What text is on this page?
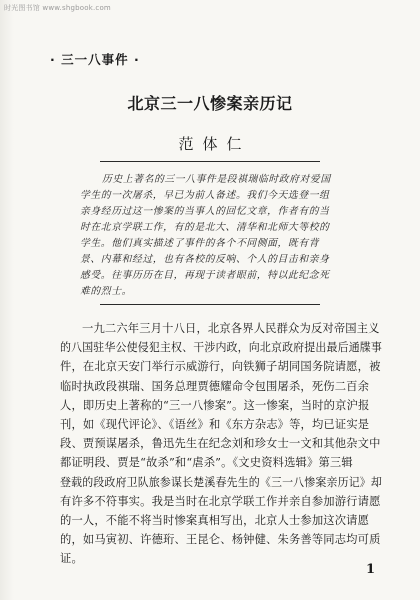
时光图书馆 www.shgbook.com
· 三一八事件 ·
北京三一八惨案亲历记
范体仁
历史上著名的三一八事件是段祺瑞临时政府对爱国
学生的一次屠杀，早已为前人备述。我们今天选登一组
亲身经历过这一惨案的当事人的回忆文章，作者有的当
时在北京学联工作，有的是北大、清华和北师大等校的
学生。他们真实描述了事件的各个不同侧面，既有背
景、内幕和经过，也有各校的反响、个人的目击和亲身
感受。往事历历在目，再现于读者眼前，特以此纪念死
难的烈士。
一九二六年三月十八日，北京各界人民群众为反对帝国主义
的八国驻华公使侵犯主权、干涉内政，向北京政府提出最后通牒事
件，在北京天安门举行示威游行，向铁狮子胡同国务院请愿，被
临时执政段祺瑞、国务总理贾德耀命令包围屠杀，死伤二百余
人，即历史上著称的“三一八惨案”。这一惨案，当时的京沪报
刊，如《现代评论》、《语丝》和《东方杂志》等，均已证实是
段、贾预谋屠杀，鲁迅先生在纪念刘和珍女士一文和其他杂文中
都证明段、贾是“故杀”和“虐杀”。《文史资料选辑》第三辑
登载的段政府卫队旅参谋长楚溪春先生的《三一八惨案亲历记》却
有许多不符事实。我是当时在北京学联工作并亲自参加游行请愿
的一人，不能不将当时惨案真相写出，北京人士参加这次请愿
的，如马寅初、许德珩、王昆仑、杨钟健、朱务善等同志均可质
证。
1
